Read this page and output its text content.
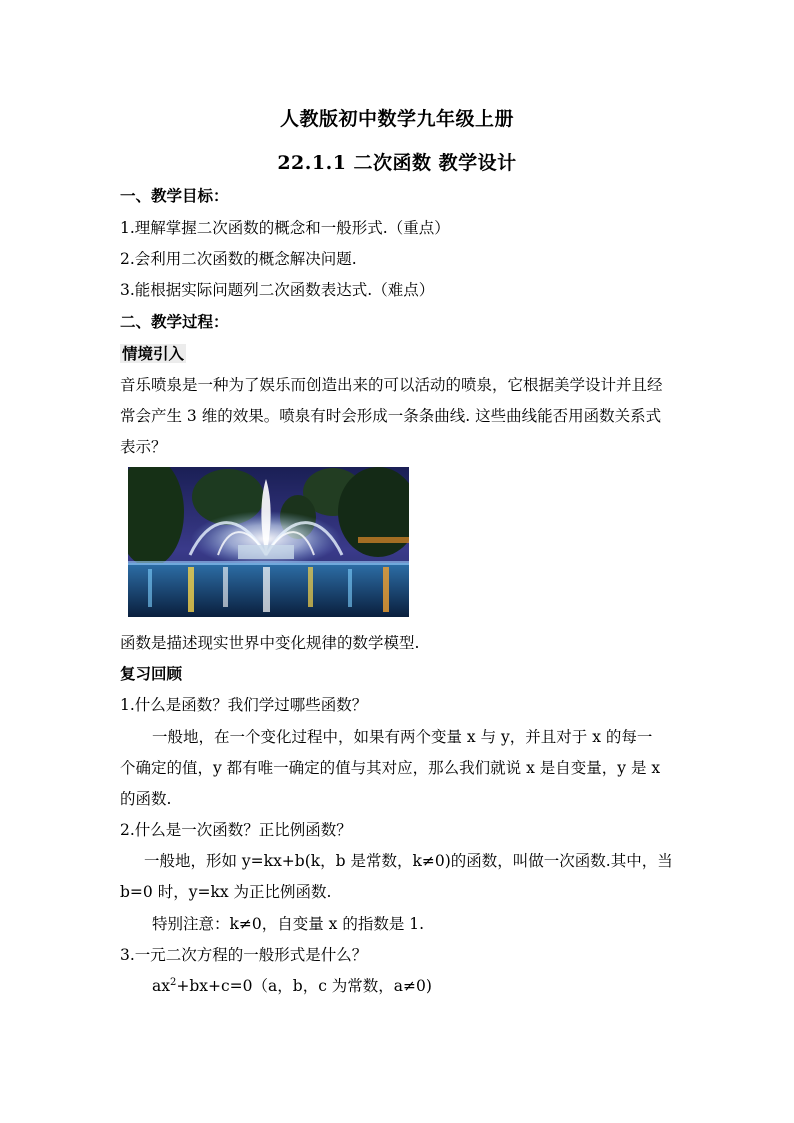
人教版初中数学九年级上册
22.1.1 二次函数 教学设计
一、教学目标：
1.理解掌握二次函数的概念和一般形式.（重点）
2.会利用二次函数的概念解决问题.
3.能根据实际问题列二次函数表达式.（难点）
二、教学过程：
情境引入
音乐喷泉是一种为了娱乐而创造出来的可以活动的喷泉，它根据美学设计并且经
常会产生 3 维的效果。喷泉有时会形成一条条曲线. 这些曲线能否用函数关系式
表示？
函数是描述现实世界中变化规律的数学模型.
复习回顾
1.什么是函数？我们学过哪些函数？
一般地，在一个变化过程中，如果有两个变量 x 与 y，并且对于 x 的每一
个确定的值，y 都有唯一确定的值与其对应，那么我们就说 x 是自变量，y 是 x
的函数.
2.什么是一次函数？正比例函数？
一般地，形如 y=kx+b(k，b 是常数，k≠0)的函数，叫做一次函数.其中，当
b=0 时，y=kx 为正比例函数.
特别注意：k≠0，自变量 x 的指数是 1.
3.一元二次方程的一般形式是什么？
$ax^2+bx+c=0(a$，b，c 为常数，a≠0)
